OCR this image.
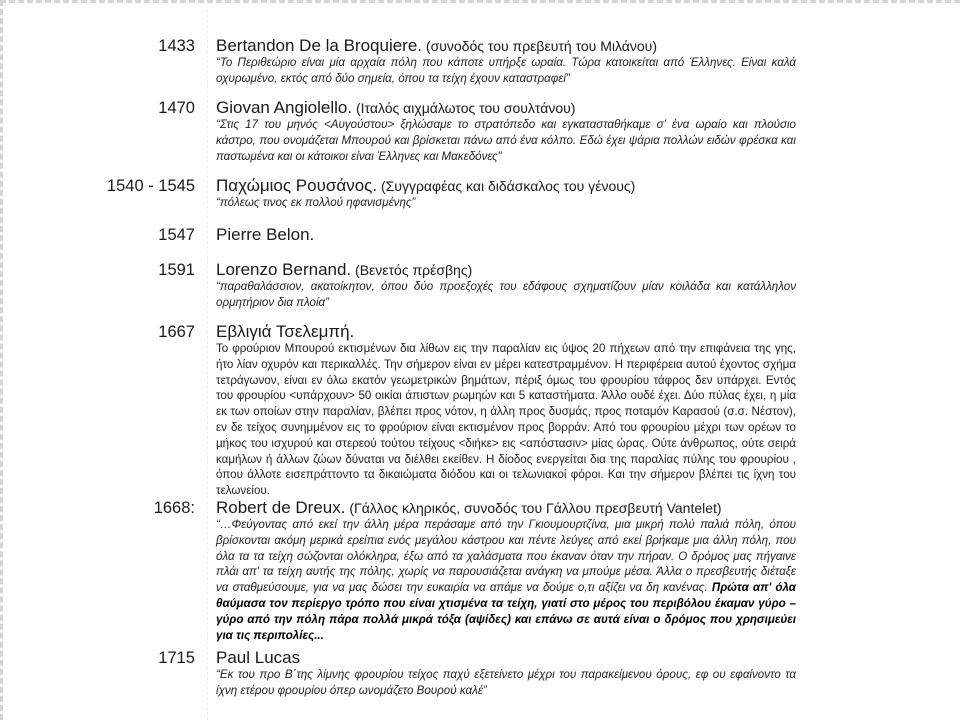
1433 Bertandon De la Broquiere. (συνοδός του πρεβευτή του Μιλάνου)
“Το Περιθεώριο είναι μία αρχαία πόλη που κάποτε υπήρξε ωραία. Τώρα κατοικείται από Έλληνες. Είναι καλά οχυρωμένο, εκτός από δύο σημεία, όπου τα τείχη έχουν καταστραφεί”
1470 Giovan Angiolello. (Ιταλός αιχμάλωτος του σουλτάνου)
“Στις 17 του μηνός <Αυγούστου> ξηλώσαμε το στρατόπεδο και εγκατασταθήκαμε σ' ένα ωραίο και πλούσιο κάστρο, που ονομάζεται Μπουρού και βρίσκεται πάνω από ένα κόλπο. Εδώ έχει ψάρια πολλών ειδών φρέσκα και παστωμένα και οι κάτοικοι είναι Έλληνες και Μακεδόνες”
1540 - 1545 Παχώμιος Ρουσάνος. (Συγγραφέας και διδάσκαλος του γένους)
“πόλεως τινος εκ πολλού ηφανισμένης”
1547 Pierre Belon.
1591 Lorenzo Bernand. (Βενετός πρέσβης)
“παραθαλάσσιον, ακατοίκητον, όπου δύο προεξοχές του εδάφους σχηματίζουν μίαν κοιλάδα και κατάλληλον ορμητήριον δια πλοία”
1667 Εβλιγιά Τσελεμπή.
Το φρούριον Μπουρού εκτισμένων δια λίθων εις την παραλίαν εις ύψος 20 πήχεων από την επιφάνεια της γης, ήτο λίαν οχυρόν και περικαλλές. Την σήμερον είναι εν μέρει κατεστραμμένον. Η περιφέρεια αυτού έχοντος σχήμα τετράγωνον, είναι εν όλω εκατόν γεωμετρικών βημάτων, πέριξ όμως του φρουρίου τάφρος δεν υπάρχει. Εντός του φρουρίου <υπάρχουν> 50 οικίαι άπιστων ρωμηών και 5 καταστήματα. Άλλο ουδέ έχει. Δύο πύλας έχει, η μία εκ των οποίων στην παραλίαν, βλέπει προς νότον, η άλλη προς δυσμάς, προς ποταμόν Καρασού (σ.σ. Νέστον), εν δε τείχος συνημμένον εις το φρούριον είναι εκτισμένον προς βορράν. Από του φρουρίου μέχρι των ορέων το μήκος του ισχυρού και στερεού τούτου τείχους <διήκε> εις <απόστασιν> μίας ώρας. Ούτε άνθρωπος, ούτε σειρά καμήλων ή άλλων ζώων δύναται να διέλθει εκείθεν. Η δίοδος ενεργείται δια της παραλίας πύλης του φρουρίου , όπου άλλοτε εισεπράττοντο τα δικαιώματα διόδου και οι τελωνιακοί φόροι. Και την σήμερον βλέπει τις ίχνη του τελωνείου.
1668: Robert de Dreux. (Γάλλος κληρικός, συνοδός του Γάλλου πρεσβευτή Vantelet)
“…Φεύγοντας από εκεί την άλλη μέρα περάσαμε από την Γκιουμουρτζίνα, μια μικρή πολύ παλιά πόλη, όπου βρίσκονται ακόμη μερικά ερείπια ενός μεγάλου κάστρου και πέντε λεύγες από εκεί βρήκαμε μια άλλη πόλη, που όλα τα τα τείχη σώζονται ολόκληρα, έξω από τα χαλάσματα που έκαναν όταν την πήραν. Ο δρόμος μας πήγαινε πλάι απ' τα τείχη αυτής της πόλης, χωρίς να παρουσιάζεται ανάγκη να μπούμε μέσα. Άλλα ο πρεσβευτής διέταξε να σταθμεύσουμε, για να μας δώσει την ευκαιρία να απάμε να δούμε ο,τι αξίζει να δη κανένας. Πρώτα απ' όλα θαύμασα τον περίεργο τρόπο που είναι χτισμένα τα τείχη, γιατί στο μέρος του περιβόλου έκαμαν γύρο – γύρο από την πόλη πάρα πολλά μικρά τόξα (αψίδες) και επάνω σε αυτά είναι ο δρόμος που χρησιμεύει για τις περιπολίες...
1715 Paul Lucas
“Εκ του προ Β΄της λίμνης φρουρίου τείχος παχύ εξετείνετο μέχρι του παρακείμενου όρους, εφ ου εφαίνοντο τα ίχνη ετέρου φρουρίου όπερ ωνομάζετο Βουρού καλέ”
